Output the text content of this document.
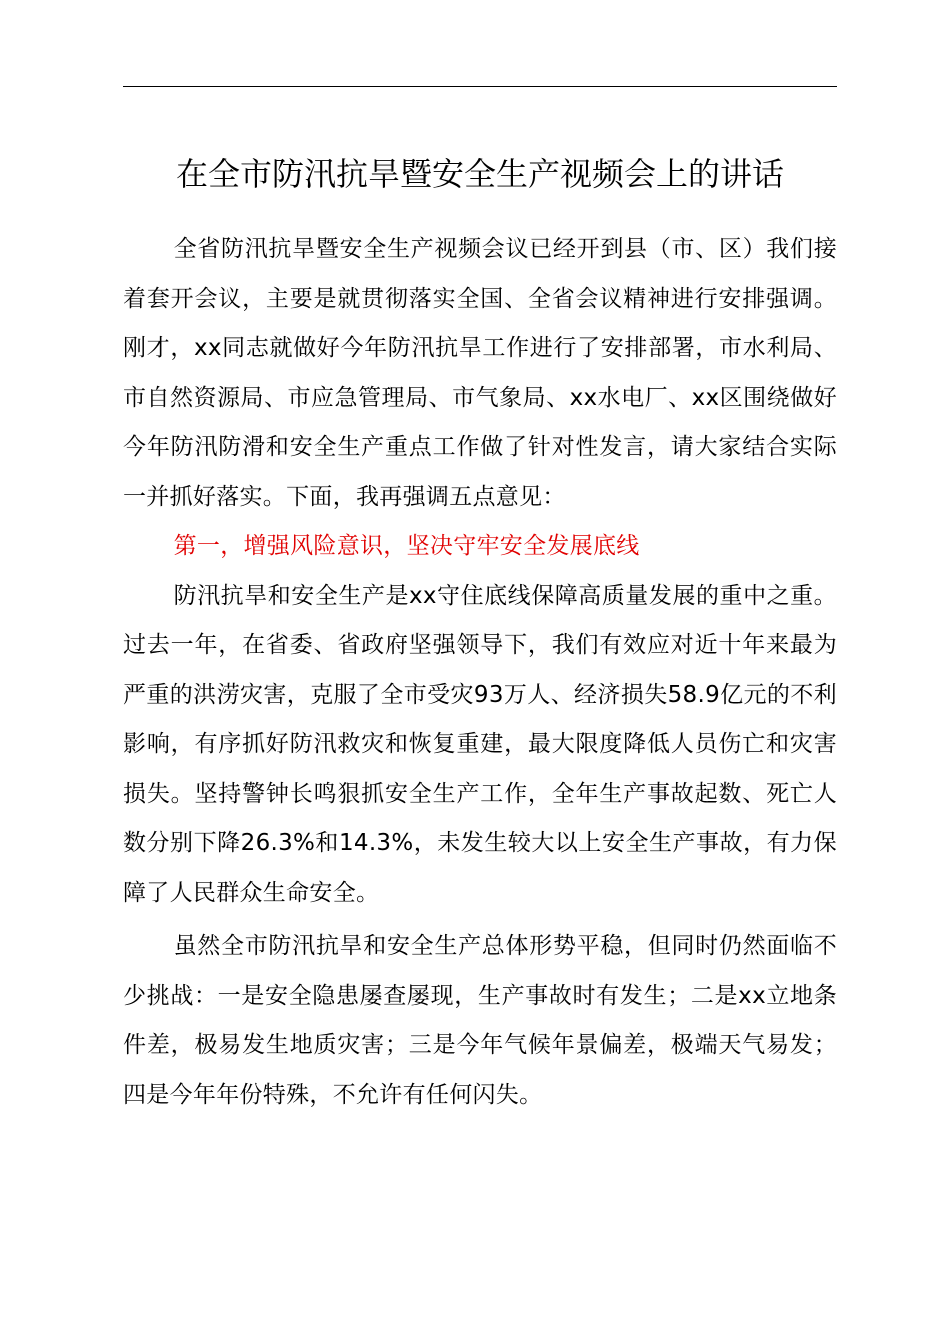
在全市防汛抗旱暨安全生产视频会上的讲话

全省防汛抗旱暨安全生产视频会议已经开到县（市、区）我们接着套开会议，主要是就贯彻落实全国、全省会议精神进行安排强调。刚才，xx同志就做好今年防汛抗旱工作进行了安排部署，市水利局、市自然资源局、市应急管理局、市气象局、xx水电厂、xx区围绕做好今年防汛防滑和安全生产重点工作做了针对性发言，请大家结合实际一并抓好落实。下面，我再强调五点意见：

第一，增强风险意识，坚决守牢安全发展底线

防汛抗旱和安全生产是xx守住底线保障高质量发展的重中之重。过去一年，在省委、省政府坚强领导下，我们有效应对近十年来最为严重的洪涝灾害，克服了全市受灾93万人、经济损失58.9亿元的不利影响，有序抓好防汛救灾和恢复重建，最大限度降低人员伤亡和灾害损失。坚持警钟长鸣狠抓安全生产工作，全年生产事故起数、死亡人数分别下降26.3%和14.3%，未发生较大以上安全生产事故，有力保障了人民群众生命安全。

虽然全市防汛抗旱和安全生产总体形势平稳，但同时仍然面临不少挑战：一是安全隐患屡查屡现，生产事故时有发生；二是xx立地条件差，极易发生地质灾害；三是今年气候年景偏差，极端天气易发；四是今年年份特殊，不允许有任何闪失。
